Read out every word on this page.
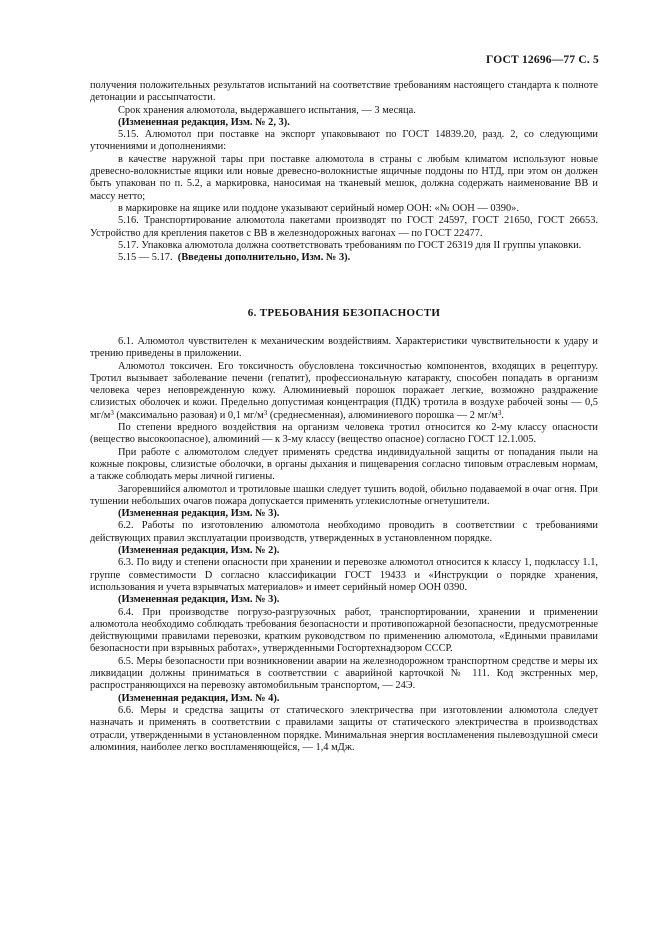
ГОСТ 12696—77 С. 5

получения положительных результатов испытаний на соответствие требованиям настоящего стандарта к полноте детонации и рассыпчатости.

Срок хранения алюмотола, выдержавшего испытания, — 3 месяца.

(Измененная редакция, Изм. № 2, 3).

5.15. Алюмотол при поставке на экспорт упаковывают по ГОСТ 14839.20, разд. 2, со следующими уточнениями и дополнениями:

в качестве наружной тары при поставке алюмотола в страны с любым климатом используют новые древесно-волокнистые ящики или новые древесно-волокнистые ящичные поддоны по НТД, при этом он должен быть упакован по п. 5.2, а маркировка, наносимая на тканевый мешок, должна содержать наименование ВВ и массу нетто;

в маркировке на ящике или поддоне указывают серийный номер ООН: «№ ООН — 0390».

5.16. Транспортирование алюмотола пакетами производят по ГОСТ 24597, ГОСТ 21650, ГОСТ 26653. Устройство для крепления пакетов с ВВ в железнодорожных вагонах — по ГОСТ 22477.

5.17. Упаковка алюмотола должна соответствовать требованиям по ГОСТ 26319 для II группы упаковки.

5.15 — 5.17. (Введены дополнительно, Изм. № 3).

6. ТРЕБОВАНИЯ БЕЗОПАСНОСТИ

6.1. Алюмотол чувствителен к механическим воздействиям. Характеристики чувствительности к удару и трению приведены в приложении.

Алюмотол токсичен. Его токсичность обусловлена токсичностью компонентов, входящих в рецептуру. Тротил вызывает заболевание печени (гепатит), профессиональную катаракту, способен попадать в организм человека через неповрежденную кожу. Алюминиевый порошок поражает легкие, возможно раздражение слизистых оболочек и кожи. Предельно допустимая концентрация (ПДК) тротила в воздухе рабочей зоны — 0,5 $мг/м^3$ (максимально разовая) и 0,1 $мг/м^3$ (среднесменная), алюминиевого порошка — 2 $мг/м^3$.

По степени вредного воздействия на организм человека тротил относится ко 2-му классу опасности (вещество высокоопасное), алюминий — к 3-му классу (вещество опасное) согласно ГОСТ 12.1.005.

При работе с алюмотолом следует применять средства индивидуальной защиты от попадания пыли на кожные покровы, слизистые оболочки, в органы дыхания и пищеварения согласно типовым отраслевым нормам, а также соблюдать меры личной гигиены.

Загоревшийся алюмотол и тротиловые шашки следует тушить водой, обильно подаваемой в очаг огня. При тушении небольших очагов пожара допускается применять углекислотные огнетушители.

(Измененная редакция, Изм. № 3).

6.2. Работы по изготовлению алюмотола необходимо проводить в соответствии с требованиями действующих правил эксплуатации производств, утвержденных в установленном порядке.

(Измененная редакция, Изм. № 2).

6.3. По виду и степени опасности при хранении и перевозке алюмотол относится к классу 1, подклассу 1.1, группе совместимости D согласно классификации ГОСТ 19433 и «Инструкции о порядке хранения, использования и учета взрывчатых материалов» и имеет серийный номер ООН 0390.

(Измененная редакция, Изм. № 3).

6.4. При производстве погрузо-разгрузочных работ, транспортировании, хранении и применении алюмотола необходимо соблюдать требования безопасности и противопожарной безопасности, предусмотренные действующими правилами перевозки, кратким руководством по применению алюмотола, «Едиными правилами безопасности при взрывных работах», утвержденными Госгортехнадзором СССР.

6.5. Меры безопасности при возникновении аварии на железнодорожном транспортном средстве и меры их ликвидации должны приниматься в соответствии с аварийной карточкой № 111. Код экстренных мер, распространяющихся на перевозку автомобильным транспортом, — 24Э.

(Измененная редакция, Изм. № 4).

6.6. Меры и средства защиты от статического электричества при изготовлении алюмотола следует назначать и применять в соответствии с правилами защиты от статического электричества в производствах отрасли, утвержденными в установленном порядке. Минимальная энергия воспламенения пылевоздушной смеси алюминия, наиболее легко воспламеняющейся, — 1,4 мДж.
